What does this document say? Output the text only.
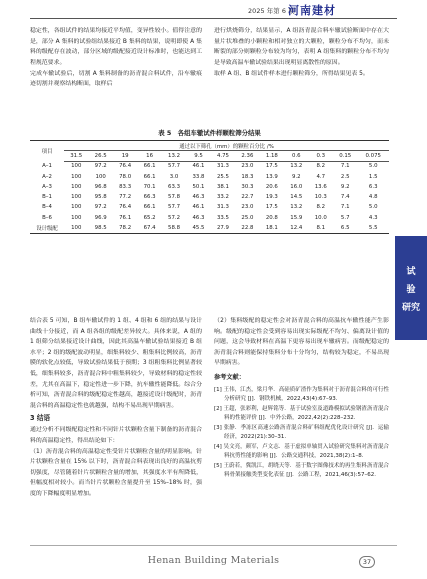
2025 年第 6 期
河南建材

稳定性，各组试件的结果均接近平均值，变异性较小。值得注意的是，部分 A 集料的试验组结果接近 B 集料的结果，说明即使 A 集料的级配存在波动，部分区域的级配接近设计标准时，也能达到工程规范要求。

完成车辙试验后，切割 A 集料制备的沥青混合料试件，沿车辙痕迹切割并观察结构断面，取样后

进行烘烧筛分，结果显示，A 组沥青混合料车辙试验断面中存在大量片状堆叠的小颗粒和相对独立的大颗粒，颗粒分布不均匀，而未断裂的部分则颗粒分布较为均匀，表明 A 组集料的颗粒分布不均匀是导致高温车辙试验结果出现明显离散性的原因。

取样 A 组、B 组试件样本进行颗粒筛分，所得结果见表 5。

表 5　各组车辙试件样颗粒筛分结果
项目	通过以下筛孔（mm）的颗粒百分比 /%												
	31.5	26.5	19	16	13.2	9.5	4.75	2.36	1.18	0.6	0.3	0.15	0.075
A–1	100	97.2	76.4	66.1	57.7	46.1	31.3	23.0	17.5	13.2	8.2	7.1	5.0
A–2	100	100	78.0	66.1	3.0	33.8	25.5	18.3	13.9	9.2	4.7	2.5	1.5
A–3	100	96.8	83.3	70.1	63.3	50.1	38.1	30.3	20.6	16.0	13.6	9.2	6.3
B–1	100	95.8	77.2	66.3	57.8	46.3	33.2	22.7	19.3	14.5	10.3	7.4	4.8
B–4	100	97.2	76.4	66.1	57.7	46.1	31.3	23.0	17.5	13.2	8.2	7.1	5.0
B–6	100	96.9	76.1	65.2	57.2	46.3	33.5	25.0	20.8	15.9	10.0	5.7	4.3
设计级配	100	98.5	78.2	67.4	58.8	45.5	27.9	22.8	18.1	12.4	8.1	6.5	5.5

结合表 5 可知，B 组车辙试件的 1 组、4 组和 6 组的结果与设计曲线十分接近，而 A 组各组的级配差异较大。具体来说，A 组的 1 组筛分结果接近设计曲线，因此其高温车辙试验结果接近 B 组水平；2 组的级配波动明显，细集料较少、粗集料比例较高，沥青膜的软化点较低，导致试验结果低于预期；3 组粗集料比例显著较低，细集料较多，沥青混合料中粗集料较少，导致材料的稳定性较差，尤其在高温下，稳定性进一步下降，抗车辙性能降低。综合分析可知，沥青混合料的级配稳定性越高，越接近设计级配时，沥青混合料的高温稳定性也就越强，结构不易出现早期病害。

3 结语

通过分析不同级配稳定性和不同针片状颗粒含量下制备的沥青混合料的高温稳定性，得出结论如下：

（1）沥青混合料的高温稳定性受针片状颗粒含量的明显影响。针片状颗粒含量在 15% 以下时，沥青混合料表现出良好的高温抗剪切强度，尽管随着针片状颗粒含量的增加，其强度水平有所降低，但幅度相对较小。而当针片状颗粒含量提升至 15%–18% 时，强度的下降幅度明显增加。

（2）集料级配的稳定性会对沥青混合料的高温抗车辙性能产生影响。级配的稳定性会受到容易出现实际级配不均匀、偏离设计值的问题，这会导致材料在高温下更容易出现车辙病害。而级配稳定的沥青混合料则能保持集料分布十分均匀，结构较为稳定，不易出现早期病害。

参考文献：
[1] 王伟，江杰，梁月华．高硅质矿渣作为集料对于沥青混合料的可行性分析研究 [J]．钢铁机械，2022,43(4):67–93.
[2] 王超，张彩利，赵辉铭等．基于试验室及道路模拟试验钢渣沥青混合料的性能评价 [J]．中外公路，2022,42(2):228–232.
[3] 张静．季冻区高速公路沥青混合料矿料组配优化设计研究 [J]．运输经济，2022(21):30–31.
[4] 吴文亮，颜军，卢文志．基于虚拟单轴贯入试验研究集料对沥青混合料抗剪性能的影响 [J]．公路交通科技，2021,38(2):1–8.
[5] 王蔚若，冀凯江，胡晓天等．基于数字图像技术的再生集料沥青混合料骨架接触类型变化表征 [J]．公路工程，2021,46(3):57–62.
试
验
研究
Henan Building Materials	37
